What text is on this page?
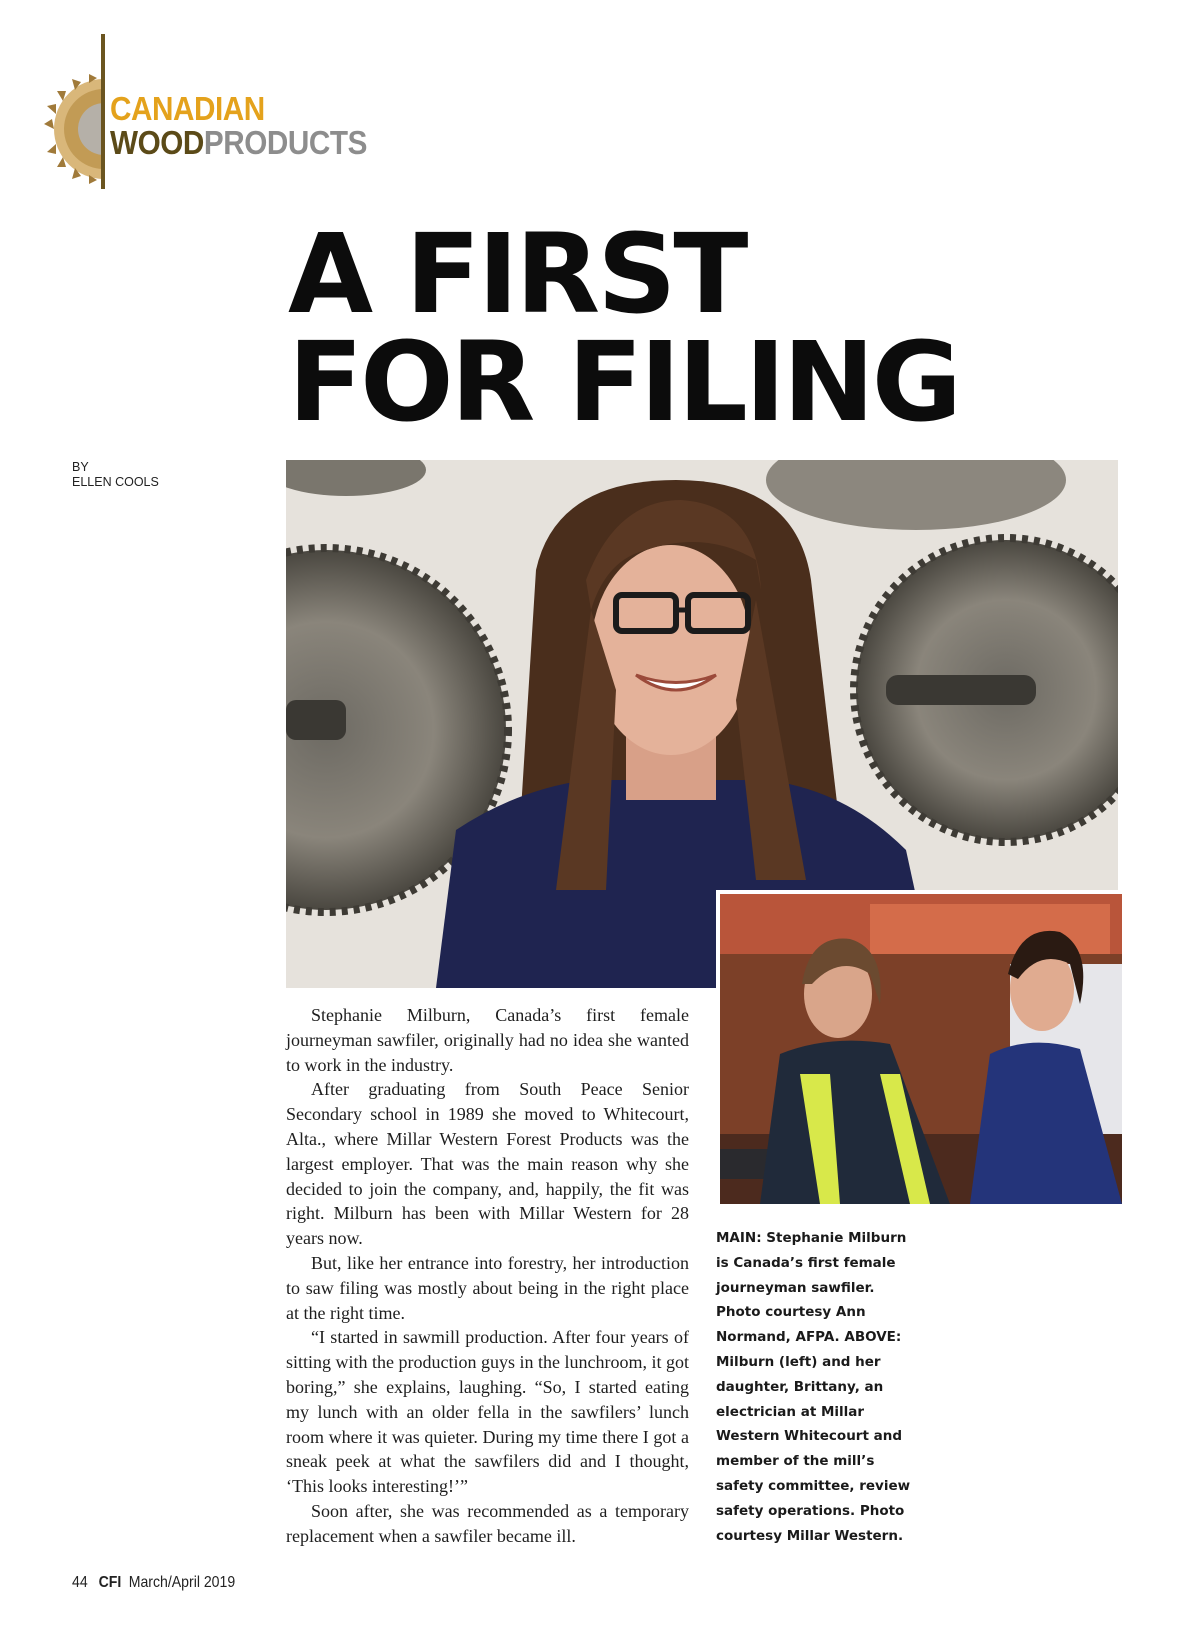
CANADIAN
WOODPRODUCTS
A FIRST
FOR FILING
BY
ELLEN COOLS

Stephanie Milburn, Canada’s first female journeyman sawfiler, originally had no idea she wanted to work in the industry.

After graduating from South Peace Senior Secondary school in 1989 she moved to Whitecourt, Alta., where Millar Western Forest Products was the largest employer. That was the main reason why she decided to join the company, and, happily, the fit was right. Milburn has been with Millar Western for 28 years now.

But, like her entrance into forestry, her introduction to saw filing was mostly about being in the right place at the right time.

“I started in sawmill production. After four years of sitting with the production guys in the lunchroom, it got boring,” she explains, laughing. “So, I started eating my lunch with an older fella in the sawfilers’ lunch room where it was quieter. During my time there I got a sneak peek at what the sawfilers did and I thought, ‘This looks interesting!’”

Soon after, she was recommended as a temporary replacement when a sawfiler became ill.

MAIN: Stephanie Milburn is Canada’s first female journeyman sawfiler. Photo courtesy Ann Normand, AFPA. ABOVE: Milburn (left) and her daughter, Brittany, an electrician at Millar Western Whitecourt and member of the mill’s safety committee, review safety operations. Photo courtesy Millar Western.
44 CFI March/April 2019
